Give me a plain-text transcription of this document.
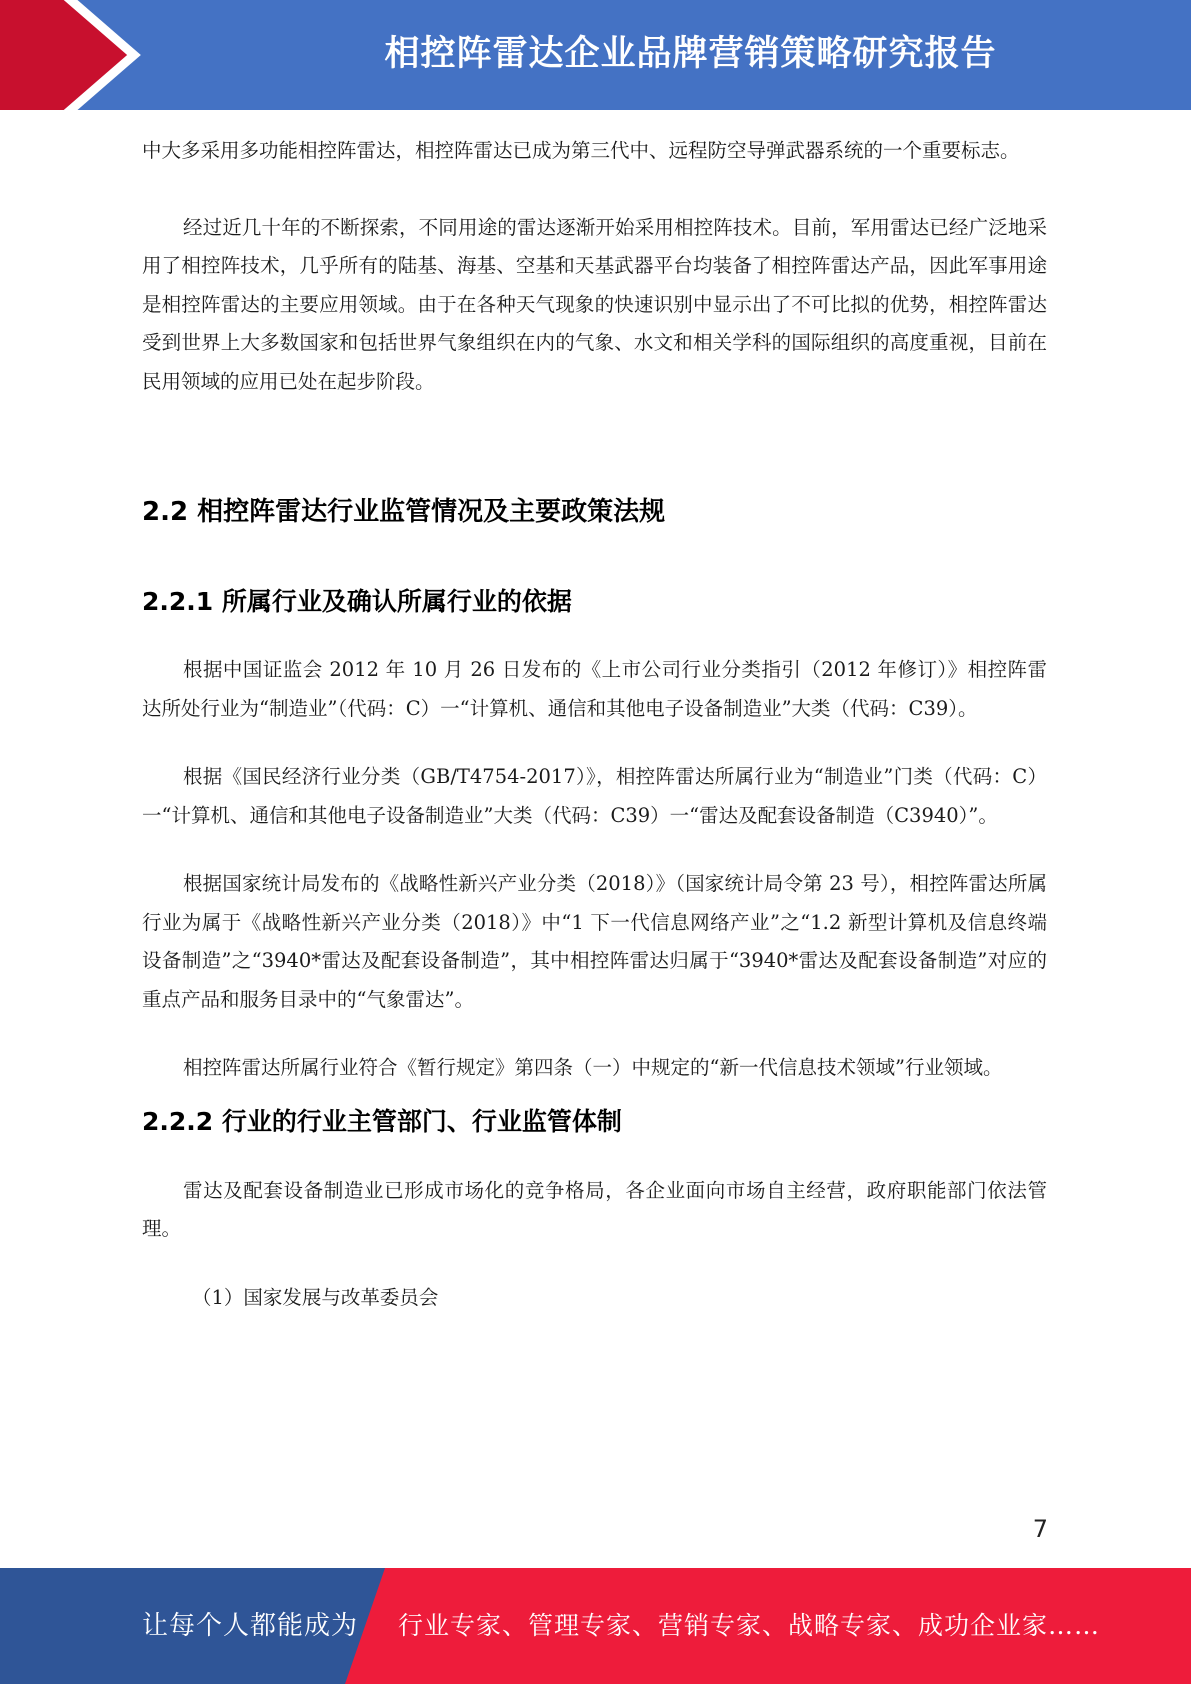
相控阵雷达企业品牌营销策略研究报告

中大多采用多功能相控阵雷达，相控阵雷达已成为第三代中、远程防空导弹武器系统的一个重要标志。

经过近几十年的不断探索，不同用途的雷达逐渐开始采用相控阵技术。目前，军用雷达已经广泛地采用了相控阵技术，几乎所有的陆基、海基、空基和天基武器平台均装备了相控阵雷达产品，因此军事用途是相控阵雷达的主要应用领域。由于在各种天气现象的快速识别中显示出了不可比拟的优势，相控阵雷达受到世界上大多数国家和包括世界气象组织在内的气象、水文和相关学科的国际组织的高度重视，目前在民用领域的应用已处在起步阶段。

2.2 相控阵雷达行业监管情况及主要政策法规
2.2.1 所属行业及确认所属行业的依据

根据中国证监会 2012 年 10 月 26 日发布的《上市公司行业分类指引（2012 年修订）》相控阵雷达所处行业为“制造业”（代码：C）一“计算机、通信和其他电子设备制造业”大类（代码：C39）。

根据《国民经济行业分类（GB/T4754-2017）》，相控阵雷达所属行业为“制造业”门类（代码：C）一“计算机、通信和其他电子设备制造业”大类（代码：C39）一“雷达及配套设备制造（C3940）”。

根据国家统计局发布的《战略性新兴产业分类（2018）》（国家统计局令第 23 号），相控阵雷达所属行业为属于《战略性新兴产业分类（2018）》中“1 下一代信息网络产业”之“1.2 新型计算机及信息终端设备制造”之“3940*雷达及配套设备制造”，其中相控阵雷达归属于“3940*雷达及配套设备制造”对应的重点产品和服务目录中的“气象雷达”。

相控阵雷达所属行业符合《暂行规定》第四条（一）中规定的“新一代信息技术领域”行业领域。

2.2.2 行业的行业主管部门、行业监管体制

雷达及配套设备制造业已形成市场化的竞争格局，各企业面向市场自主经营，政府职能部门依法管理。

（1）国家发展与改革委员会

7
让每个人都能成为 行业专家、管理专家、营销专家、战略专家、成功企业家……
